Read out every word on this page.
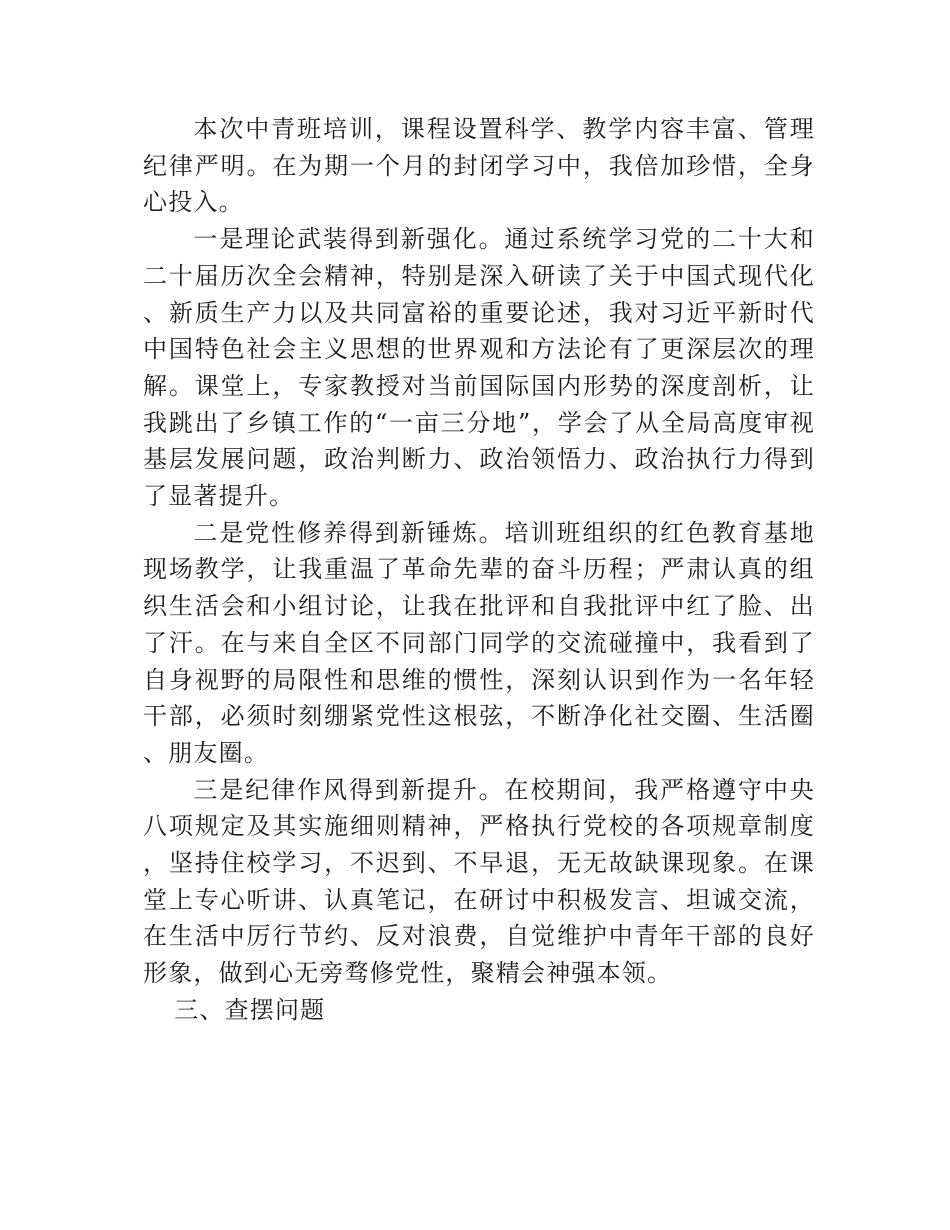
本次中青班培训，课程设置科学、教学内容丰富、管理纪律严明。在为期一个月的封闭学习中，我倍加珍惜，全身心投入。

一是理论武装得到新强化。通过系统学习党的二十大和二十届历次全会精神，特别是深入研读了关于中国式现代化、新质生产力以及共同富裕的重要论述，我对习近平新时代中国特色社会主义思想的世界观和方法论有了更深层次的理解。课堂上，专家教授对当前国际国内形势的深度剖析，让我跳出了乡镇工作的“一亩三分地”，学会了从全局高度审视基层发展问题，政治判断力、政治领悟力、政治执行力得到了显著提升。

二是党性修养得到新锤炼。培训班组织的红色教育基地现场教学，让我重温了革命先辈的奋斗历程；严肃认真的组织生活会和小组讨论，让我在批评和自我批评中红了脸、出了汗。在与来自全区不同部门同学的交流碰撞中，我看到了自身视野的局限性和思维的惯性，深刻认识到作为一名年轻干部，必须时刻绷紧党性这根弦，不断净化社交圈、生活圈、朋友圈。

三是纪律作风得到新提升。在校期间，我严格遵守中央八项规定及其实施细则精神，严格执行党校的各项规章制度，坚持住校学习，不迟到、不早退，无无故缺课现象。在课堂上专心听讲、认真笔记，在研讨中积极发言、坦诚交流，在生活中厉行节约、反对浪费，自觉维护中青年干部的良好形象，做到心无旁骛修党性，聚精会神强本领。

三、查摆问题
